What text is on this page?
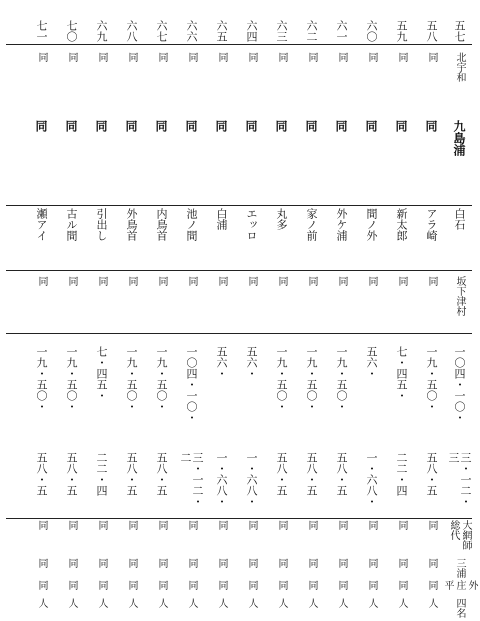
七一
同
同
瀬アイ
同
一九・五〇・
五八・五
同
同
同
人
七〇
同
同
古ル間
同
一九・五〇・
五八・五
同
同
同
人
六九
同
同
引出し
同
七・四五・
二二・四
同
同
同
人
六八
同
同
外鳥首
同
一九・五〇・
五八・五
同
同
同
人
六七
同
同
内鳥首
同
一九・五〇・
五八・五
同
同
同
人
六六
同
同
池ノ間
同
一〇四・一〇・
三・一二・二
同
同
同
人
六五
同
同
白浦
同
五六・
一・六八・
同
同
同
人
六四
同
同
エッロ
同
五六・
一・六八・
同
同
同
人
六三
同
同
丸多
同
一九・五〇・
五八・五
同
同
同
人
六二
同
同
家ノ前
同
一九・五〇・
五八・五
同
同
同
人
六一
同
同
外ケ浦
同
一九・五〇・
五八・五
同
同
同
人
六〇
同
同
間ノ外
同
五六・
一・六八・
同
同
同
人
五九
同
同
新太郎
同
七・四五・
二二・四
同
同
同
人
五八
同
同
アラ崎
同
一九・五〇・
五八・五
同
同
同
人
五七
北宇和
九島浦
白石
坂下津村
一〇四・一〇・
三・一二・三
大網師総代
三浦
外庄平
四名
